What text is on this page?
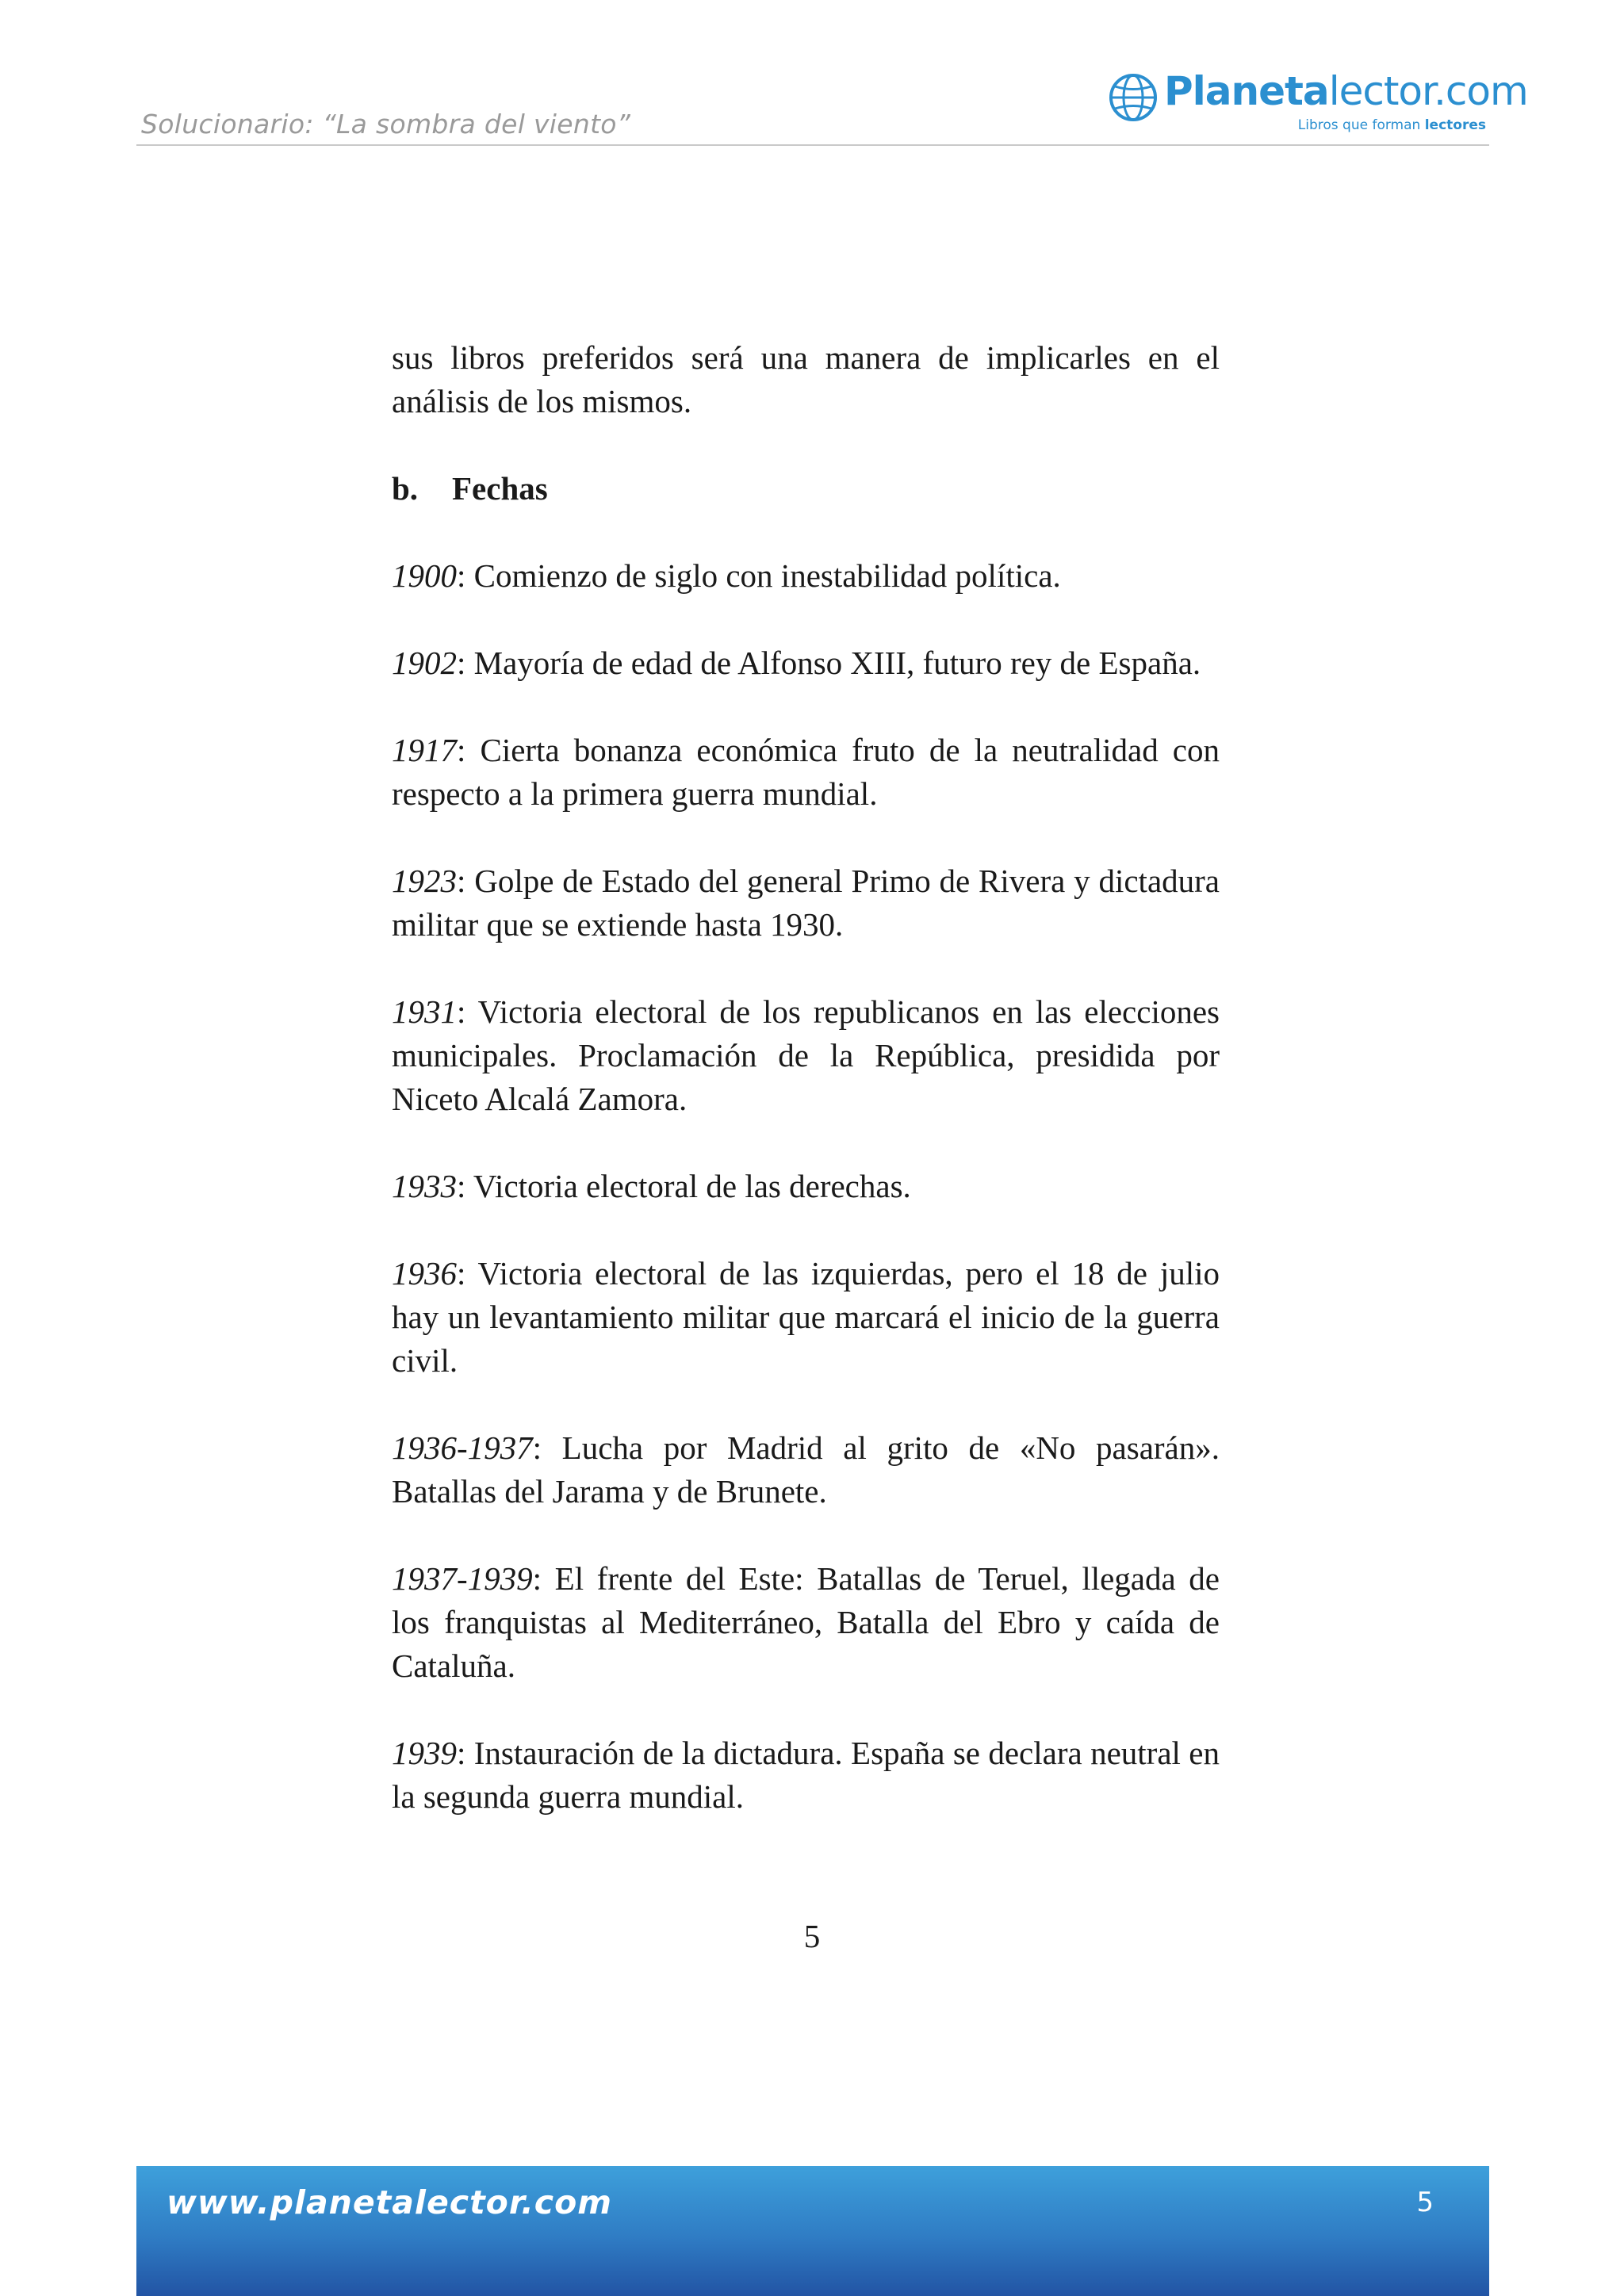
Solucionario: “La sombra del viento”
Planetalector.com
Libros que forman lectores

sus libros preferidos será una manera de implicarles en el análisis de los mismos.

b. Fechas

1900: Comienzo de siglo con inestabilidad política.

1902: Mayoría de edad de Alfonso XIII, futuro rey de España.

1917: Cierta bonanza económica fruto de la neutralidad con respecto a la primera guerra mundial.

1923: Golpe de Estado del general Primo de Rivera y dictadura militar que se extiende hasta 1930.

1931: Victoria electoral de los republicanos en las elecciones municipales. Proclamación de la República, presidida por Niceto Alcalá Zamora.

1933: Victoria electoral de las derechas.

1936: Victoria electoral de las izquierdas, pero el 18 de julio hay un levantamiento militar que marcará el inicio de la guerra civil.

1936-1937: Lucha por Madrid al grito de «No pasarán». Batallas del Jarama y de Brunete.

1937-1939: El frente del Este: Batallas de Teruel, llegada de los franquistas al Mediterráneo, Batalla del Ebro y caída de Cataluña.

1939: Instauración de la dictadura. España se declara neutral en la segunda guerra mundial.

5
www.planetalector.com	5
